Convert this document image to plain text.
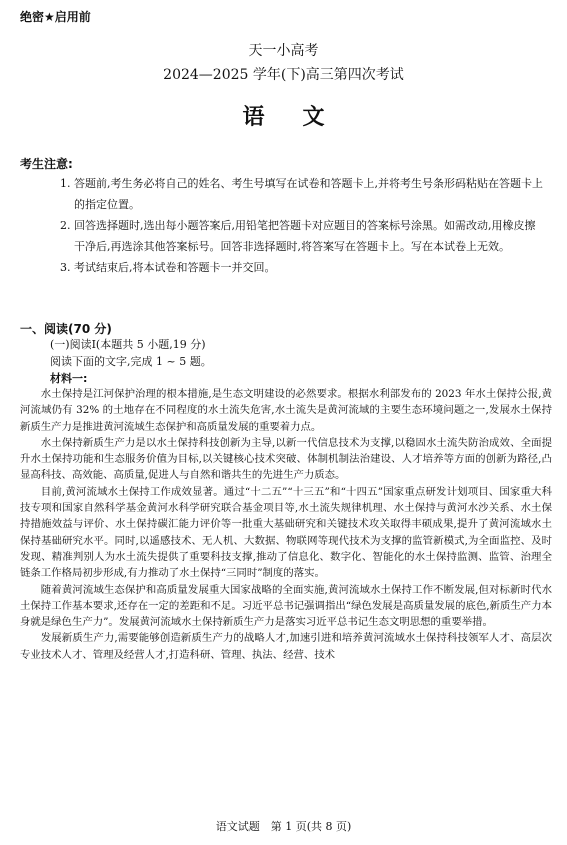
绝密★启用前
天一小高考
2024—2025 学年(下)高三第四次考试
语文
考生注意:
1. 答题前,考生务必将自己的姓名、考生号填写在试卷和答题卡上,并将考生号条形码粘贴在答题卡上的指定位置。
2. 回答选择题时,选出每小题答案后,用铅笔把答题卡对应题目的答案标号涂黑。如需改动,用橡皮擦干净后,再选涂其他答案标号。回答非选择题时,将答案写在答题卡上。写在本试卷上无效。
3. 考试结束后,将本试卷和答题卡一并交回。
一、阅读(70 分)
(一)阅读Ⅰ(本题共 5 小题,19 分)
阅读下面的文字,完成 1 ~ 5 题。
材料一:

水土保持是江河保护治理的根本措施,是生态文明建设的必然要求。根据水利部发布的 2023 年水土保持公报,黄河流域仍有 32% 的土地存在不同程度的水土流失危害,水土流失是黄河流域的主要生态环境问题之一,发展水土保持新质生产力是推进黄河流域生态保护和高质量发展的重要着力点。

水土保持新质生产力是以水土保持科技创新为主导,以新一代信息技术为支撑,以稳固水土流失防治成效、全面提升水土保持功能和生态服务价值为目标,以关键核心技术突破、体制机制法治建设、人才培养等方面的创新为路径,凸显高科技、高效能、高质量,促进人与自然和谐共生的先进生产力质态。

目前,黄河流域水土保持工作成效显著。通过“十二五”“十三五”和“十四五”国家重点研发计划项目、国家重大科技专项和国家自然科学基金黄河水科学研究联合基金项目等,水土流失规律机理、水土保持与黄河水沙关系、水土保持措施效益与评价、水土保持碳汇能力评价等一批重大基础研究和关键技术攻关取得丰硕成果,提升了黄河流域水土保持基础研究水平。同时,以遥感技术、无人机、大数据、物联网等现代技术为支撑的监管新模式,为全面监控、及时发现、精准判别人为水土流失提供了重要科技支撑,推动了信息化、数字化、智能化的水土保持监测、监管、治理全链条工作格局初步形成,有力推动了水土保持“三同时”制度的落实。

随着黄河流域生态保护和高质量发展重大国家战略的全面实施,黄河流域水土保持工作不断发展,但对标新时代水土保持工作基本要求,还存在一定的差距和不足。习近平总书记强调指出“绿色发展是高质量发展的底色,新质生产力本身就是绿色生产力”。发展黄河流域水土保持新质生产力是落实习近平总书记生态文明思想的重要举措。

发展新质生产力,需要能够创造新质生产力的战略人才,加速引进和培养黄河流域水土保持科技领军人才、高层次专业技术人才、管理及经营人才,打造科研、管理、执法、经营、技术

语文试题　第 1 页(共 8 页)
